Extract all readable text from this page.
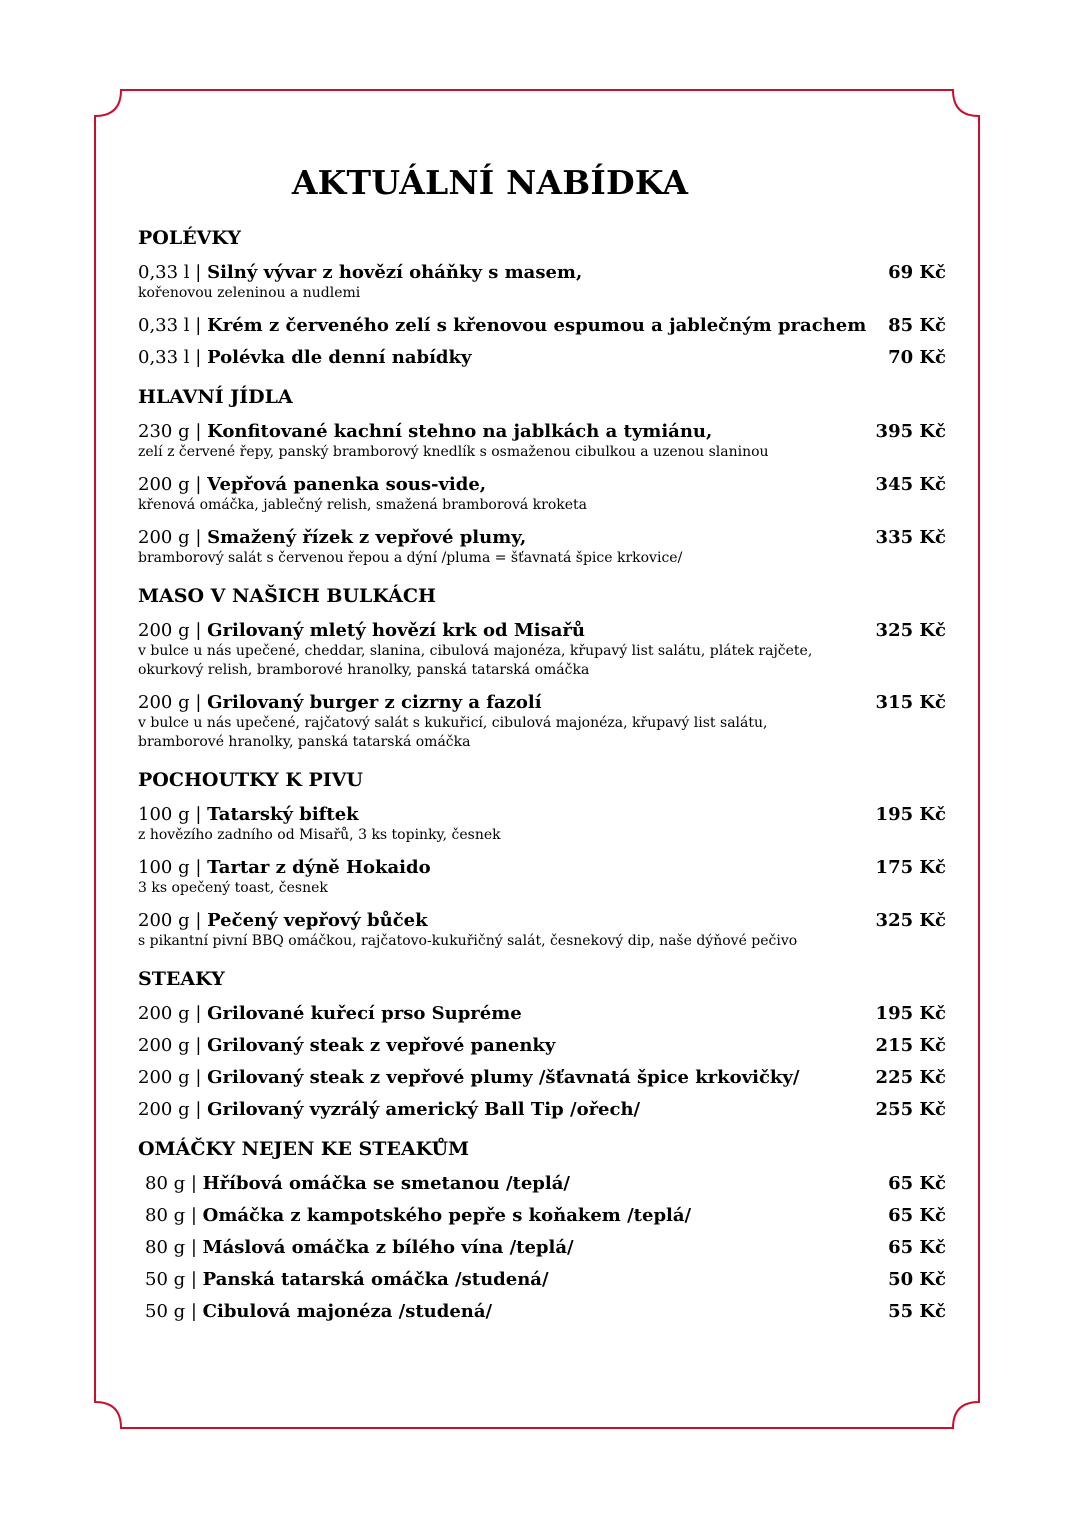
AKTUÁLNÍ NABÍDKA
POLÉVKY
0,33 l | Silný vývar z hovězí oháňky s masem,	69 Kč
kořenovou zeleninou a nudlemi
0,33 l | Krém z červeného zelí s křenovou espumou a jablečným prachem 85 Kč
0,33 l | Polévka dle denní nabídky	70 Kč
HLAVNÍ JÍDLA
230 g | Konfitované kachní stehno na jablkách a tymiánu,	395 Kč
zelí z červené řepy, panský bramborový knedlík s osmaženou cibulkou a uzenou slaninou
200 g | Vepřová panenka sous-vide,	345 Kč
křenová omáčka, jablečný relish, smažená bramborová kroketa
200 g | Smažený řízek z vepřové plumy,	335 Kč
bramborový salát s červenou řepou a dýní /pluma = šťavnatá špice krkovice/
MASO V NAŠICH BULKÁCH
200 g | Grilovaný mletý hovězí krk od Misařů	325 Kč
v bulce u nás upečené, cheddar, slanina, cibulová majonéza, křupavý list salátu, plátek rajčete,
okurkový relish, bramborové hranolky, panská tatarská omáčka
200 g | Grilovaný burger z cizrny a fazolí	315 Kč
v bulce u nás upečené, rajčatový salát s kukuřicí, cibulová majonéza, křupavý list salátu,
bramborové hranolky, panská tatarská omáčka
POCHOUTKY K PIVU
100 g | Tatarský biftek	195 Kč
z hovězího zadního od Misařů, 3 ks topinky, česnek
100 g | Tartar z dýně Hokaido	175 Kč
3 ks opečený toast, česnek
200 g | Pečený vepřový bůček	325 Kč
s pikantní pivní BBQ omáčkou, rajčatovo-kukuřičný salát, česnekový dip, naše dýňové pečivo
STEAKY
200 g | Grilované kuřecí prso Supréme	195 Kč
200 g | Grilovaný steak z vepřové panenky	215 Kč
200 g | Grilovaný steak z vepřové plumy /šťavnatá špice krkovičky/	225 Kč
200 g | Grilovaný vyzrálý americký Ball Tip /ořech/	255 Kč
OMÁČKY NEJEN KE STEAKŮM
80 g | Hříbová omáčka se smetanou /teplá/	65 Kč
80 g | Omáčka z kampotského pepře s koňakem /teplá/	65 Kč
80 g | Máslová omáčka z bílého vína /teplá/	65 Kč
50 g | Panská tatarská omáčka /studená/	50 Kč
50 g | Cibulová majonéza /studená/	55 Kč
